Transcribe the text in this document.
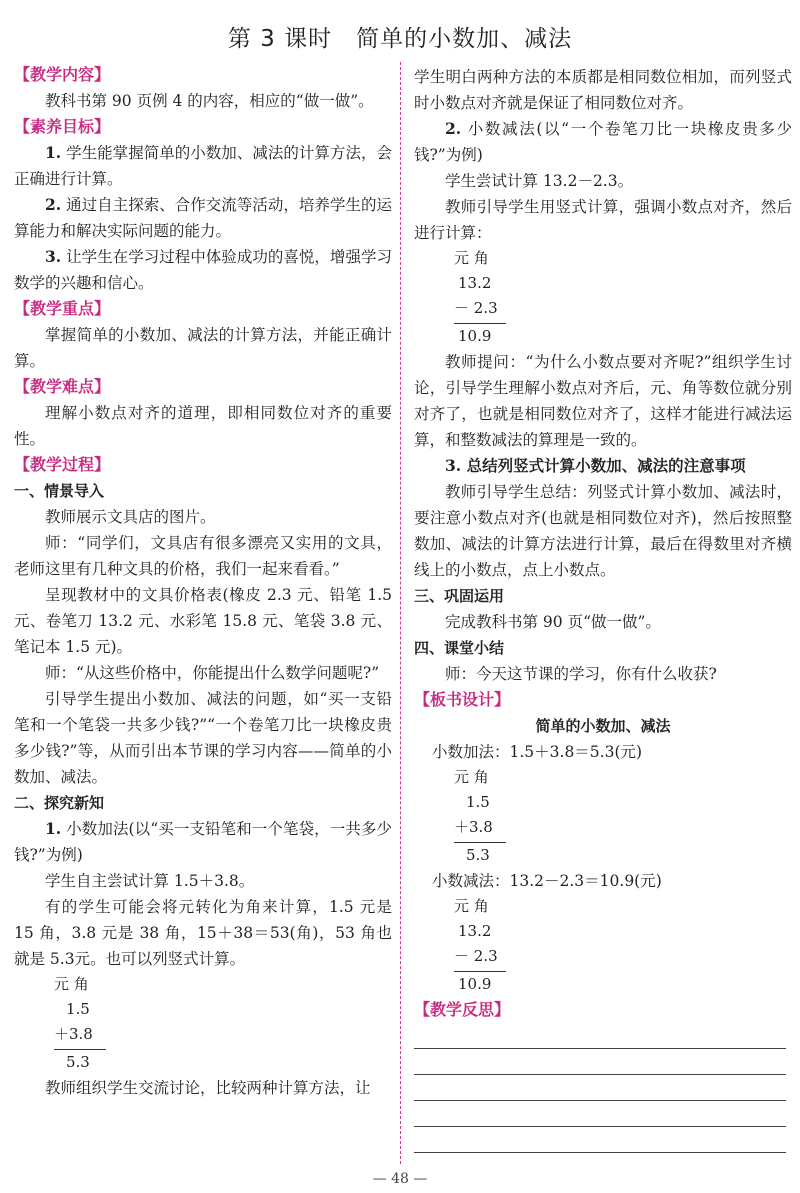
第 3 课时　简单的小数加、减法
【教学内容】
教科书第 90 页例 4 的内容，相应的“做一做”。
【素养目标】
1. 学生能掌握简单的小数加、减法的计算方法，会正确进行计算。
2. 通过自主探索、合作交流等活动，培养学生的运算能力和解决实际问题的能力。
3. 让学生在学习过程中体验成功的喜悦，增强学习数学的兴趣和信心。
【教学重点】
掌握简单的小数加、减法的计算方法，并能正确计算。
【教学难点】
理解小数点对齐的道理，即相同数位对齐的重要性。
【教学过程】
一、情景导入
教师展示文具店的图片。
师：“同学们，文具店有很多漂亮又实用的文具，老师这里有几种文具的价格，我们一起来看看。”
呈现教材中的文具价格表(橡皮 2.3 元、铅笔 1.5 元、卷笔刀 13.2 元、水彩笔 15.8 元、笔袋 3.8 元、笔记本 1.5 元)。
师：“从这些价格中，你能提出什么数学问题呢?”
引导学生提出小数加、减法的问题，如“买一支铅笔和一个笔袋一共多少钱?”“一个卷笔刀比一块橡皮贵多少钱?”等，从而引出本节课的学习内容——简单的小数加、减法。
二、探究新知
1. 小数加法(以“买一支铅笔和一个笔袋，一共多少钱?”为例)
学生自主尝试计算 1.5＋3.8。
有的学生可能会将元转化为角来计算，1.5 元是 15 角，3.8 元是 38 角，15＋38＝53(角)，53 角也就是 5.3元。也可以列竖式计算。
元 角
1.5
＋3.8
5.3
教师组织学生交流讨论，比较两种计算方法，让
学生明白两种方法的本质都是相同数位相加，而列竖式时小数点对齐就是保证了相同数位对齐。
2. 小数减法(以“一个卷笔刀比一块橡皮贵多少钱?”为例)
学生尝试计算 13.2－2.3。
教师引导学生用竖式计算，强调小数点对齐，然后进行计算：
元 角
13.2
－ 2.3
10.9
教师提问：“为什么小数点要对齐呢?”组织学生讨论，引导学生理解小数点对齐后，元、角等数位就分别对齐了，也就是相同数位对齐了，这样才能进行减法运算，和整数减法的算理是一致的。
3. 总结列竖式计算小数加、减法的注意事项
教师引导学生总结：列竖式计算小数加、减法时，要注意小数点对齐(也就是相同数位对齐)，然后按照整数加、减法的计算方法进行计算，最后在得数里对齐横线上的小数点，点上小数点。
三、巩固运用
完成教科书第 90 页“做一做”。
四、课堂小结
师：今天这节课的学习，你有什么收获?
【板书设计】
简单的小数加、减法
小数加法：1.5＋3.8＝5.3(元)
元 角
1.5
＋3.8
5.3
小数减法：13.2－2.3＝10.9(元)
元 角
13.2
－ 2.3
10.9
【教学反思】
— 48 —
